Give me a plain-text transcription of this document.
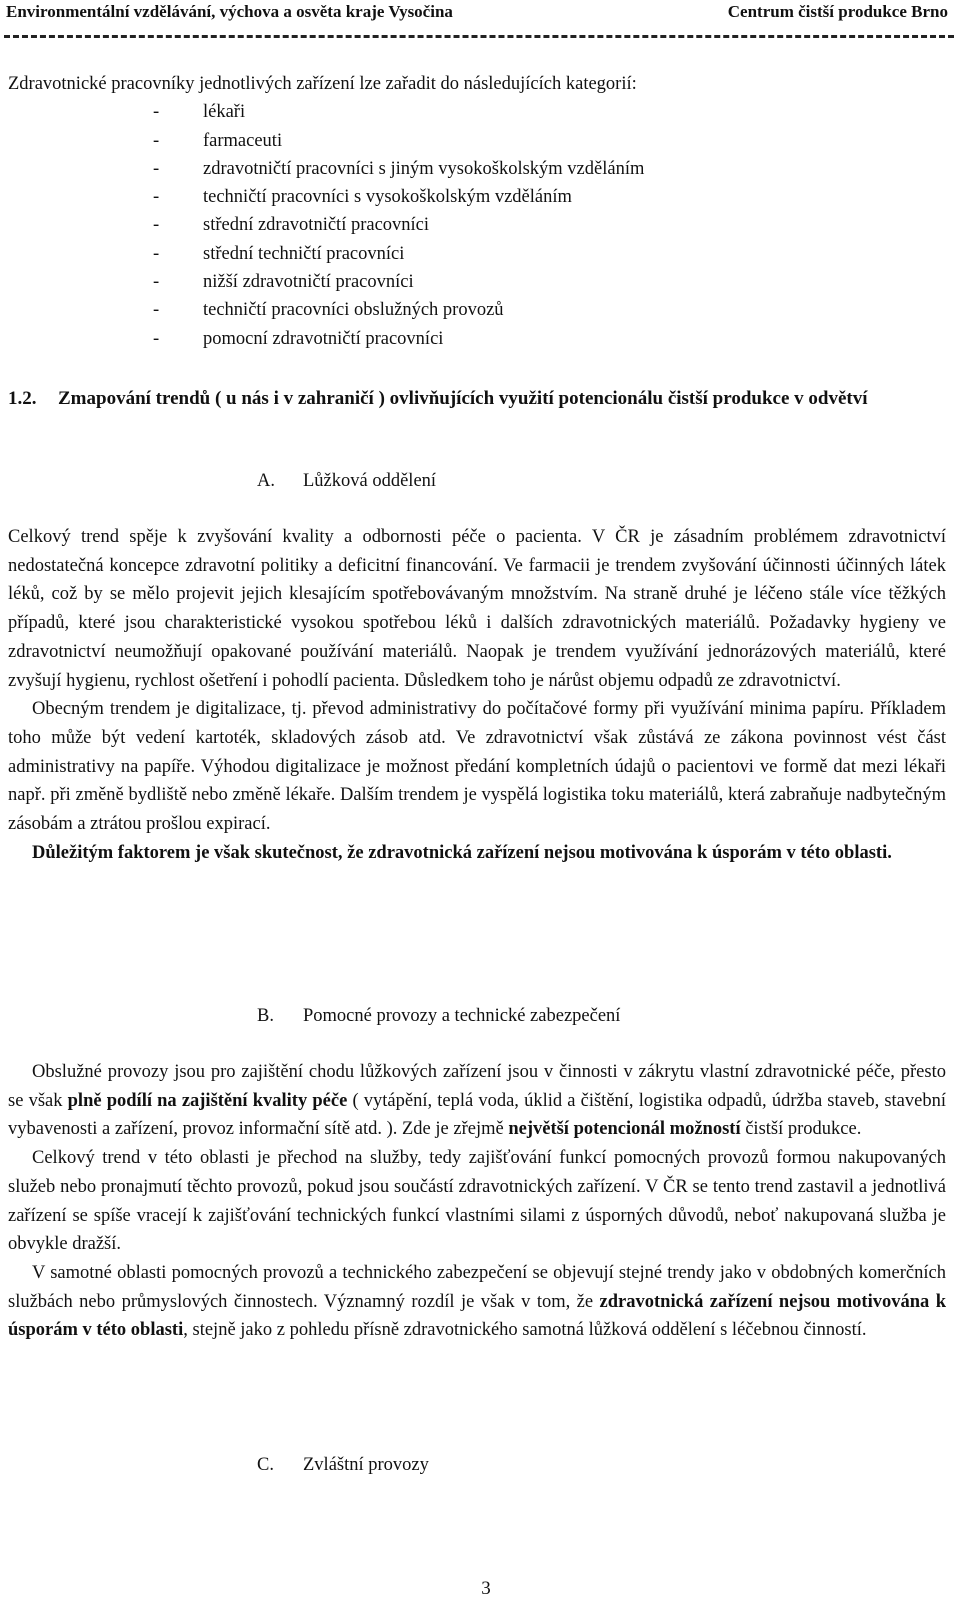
Environmentální vzdělávání, výchova a osvěta kraje Vysočina	Centrum čistší produkce Brno
Zdravotnické pracovníky jednotlivých zařízení lze zařadit do následujících kategorií:
- lékaři
- farmaceuti
- zdravotničtí pracovníci s jiným vysokoškolským vzděláním
- techničtí pracovníci s vysokoškolským vzděláním
- střední zdravotničtí pracovníci
- střední techničtí pracovníci
- nižší zdravotničtí pracovníci
- techničtí pracovníci obslužných provozů
- pomocní zdravotničtí pracovníci
1.2. Zmapování trendů ( u nás i v zahraničí ) ovlivňujících využití potencionálu čistší produkce v odvětví
A. Lůžková oddělení

Celkový trend spěje k zvyšování kvality a odbornosti péče o pacienta. V ČR je zásadním problémem zdravotnictví nedostatečná koncepce zdravotní politiky a deficitní financování. Ve farmacii je trendem zvyšování účinnosti účinných látek léků, což by se mělo projevit jejich klesajícím spotřebovávaným množstvím. Na straně druhé je léčeno stále více těžkých případů, které jsou charakteristické vysokou spotřebou léků i dalších zdravotnických materiálů. Požadavky hygieny ve zdravotnictví neumožňují opakované používání materiálů. Naopak je trendem využívání jednorázových materiálů, které zvyšují hygienu, rychlost ošetření i pohodlí pacienta. Důsledkem toho je nárůst objemu odpadů ze zdravotnictví.

Obecným trendem je digitalizace, tj. převod administrativy do počítačové formy při využívání minima papíru. Příkladem toho může být vedení kartoték, skladových zásob atd. Ve zdravotnictví však zůstává ze zákona povinnost vést část administrativy na papíře. Výhodou digitalizace je možnost předání kompletních údajů o pacientovi ve formě dat mezi lékaři např. při změně bydliště nebo změně lékaře. Dalším trendem je vyspělá logistika toku materiálů, která zabraňuje nadbytečným zásobám a ztrátou prošlou expirací.

Důležitým faktorem je však skutečnost, že zdravotnická zařízení nejsou motivována k úsporám v této oblasti.

B. Pomocné provozy a technické zabezpečení

Obslužné provozy jsou pro zajištění chodu lůžkových zařízení jsou v činnosti v zákrytu vlastní zdravotnické péče, přesto se však plně podílí na zajištění kvality péče ( vytápění, teplá voda, úklid a čištění, logistika odpadů, údržba staveb, stavební vybavenosti a zařízení, provoz informační sítě atd. ). Zde je zřejmě největší potencionál možností čistší produkce.

Celkový trend v této oblasti je přechod na služby, tedy zajišťování funkcí pomocných provozů formou nakupovaných služeb nebo pronajmutí těchto provozů, pokud jsou součástí zdravotnických zařízení. V ČR se tento trend zastavil a jednotlivá zařízení se spíše vracejí k zajišťování technických funkcí vlastními silami z úsporných důvodů, neboť nakupovaná služba je obvykle dražší.

V samotné oblasti pomocných provozů a technického zabezpečení se objevují stejné trendy jako v obdobných komerčních službách nebo průmyslových činnostech. Významný rozdíl je však v tom, že zdravotnická zařízení nejsou motivována k úsporám v této oblasti, stejně jako z pohledu přísně zdravotnického samotná lůžková oddělení s léčebnou činností.

C. Zvláštní provozy
3
